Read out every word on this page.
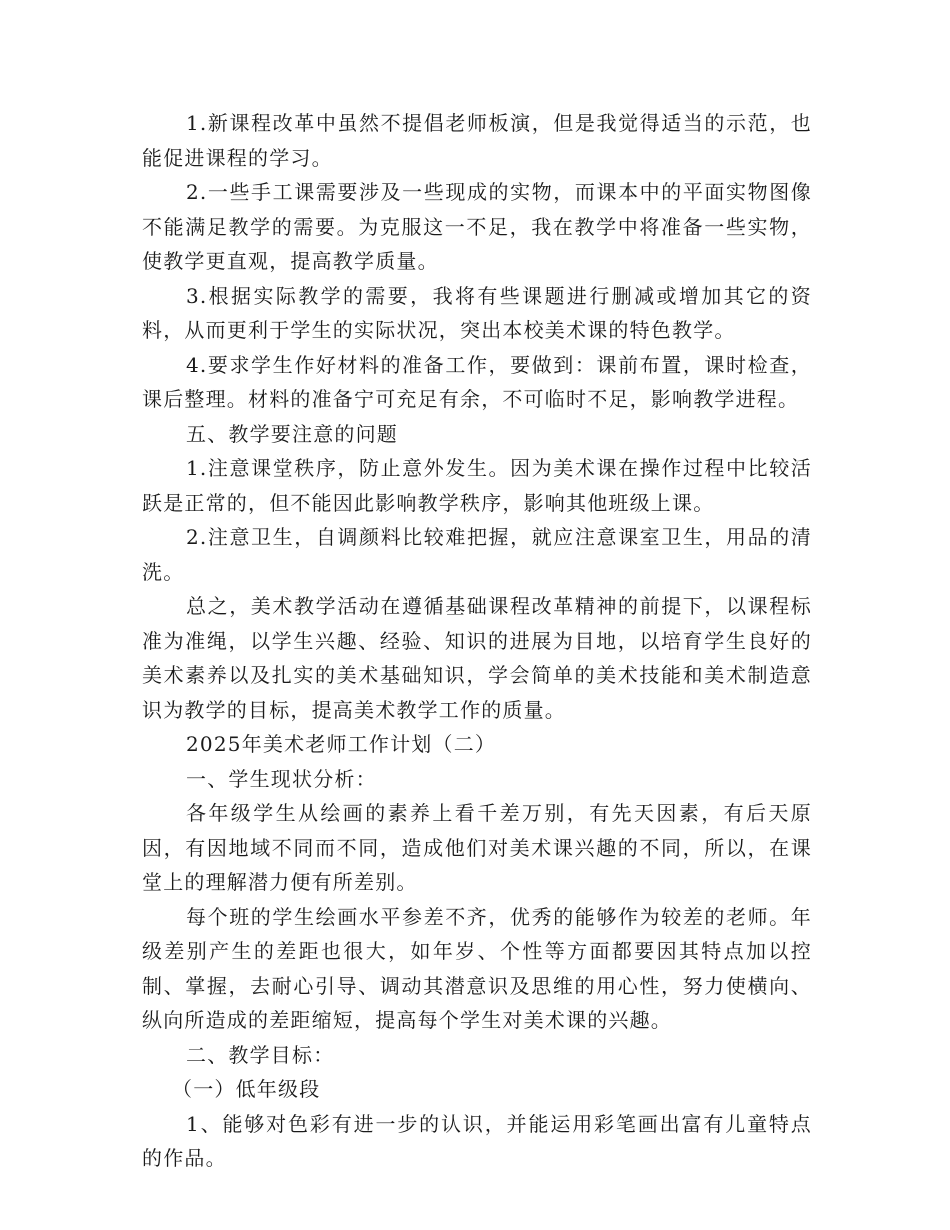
1.新课程改革中虽然不提倡老师板演，但是我觉得适当的示范，也能促进课程的学习。

2.一些手工课需要涉及一些现成的实物，而课本中的平面实物图像不能满足教学的需要。为克服这一不足，我在教学中将准备一些实物，使教学更直观，提高教学质量。

3.根据实际教学的需要，我将有些课题进行删减或增加其它的资料，从而更利于学生的实际状况，突出本校美术课的特色教学。

4.要求学生作好材料的准备工作，要做到：课前布置，课时检查，课后整理。材料的准备宁可充足有余，不可临时不足，影响教学进程。

五、教学要注意的问题

1.注意课堂秩序，防止意外发生。因为美术课在操作过程中比较活跃是正常的，但不能因此影响教学秩序，影响其他班级上课。

2.注意卫生，自调颜料比较难把握，就应注意课室卫生，用品的清洗。

总之，美术教学活动在遵循基础课程改革精神的前提下，以课程标准为准绳，以学生兴趣、经验、知识的进展为目地，以培育学生良好的美术素养以及扎实的美术基础知识，学会简单的美术技能和美术制造意识为教学的目标，提高美术教学工作的质量。

2025年美术老师工作计划（二）

一、学生现状分析：

各年级学生从绘画的素养上看千差万别，有先天因素，有后天原因，有因地域不同而不同，造成他们对美术课兴趣的不同，所以，在课堂上的理解潜力便有所差别。

每个班的学生绘画水平参差不齐，优秀的能够作为较差的老师。年级差别产生的差距也很大，如年岁、个性等方面都要因其特点加以控制、掌握，去耐心引导、调动其潜意识及思维的用心性，努力使横向、纵向所造成的差距缩短，提高每个学生对美术课的兴趣。

二、教学目标：

（一）低年级段

1、能够对色彩有进一步的认识，并能运用彩笔画出富有儿童特点的作品。
